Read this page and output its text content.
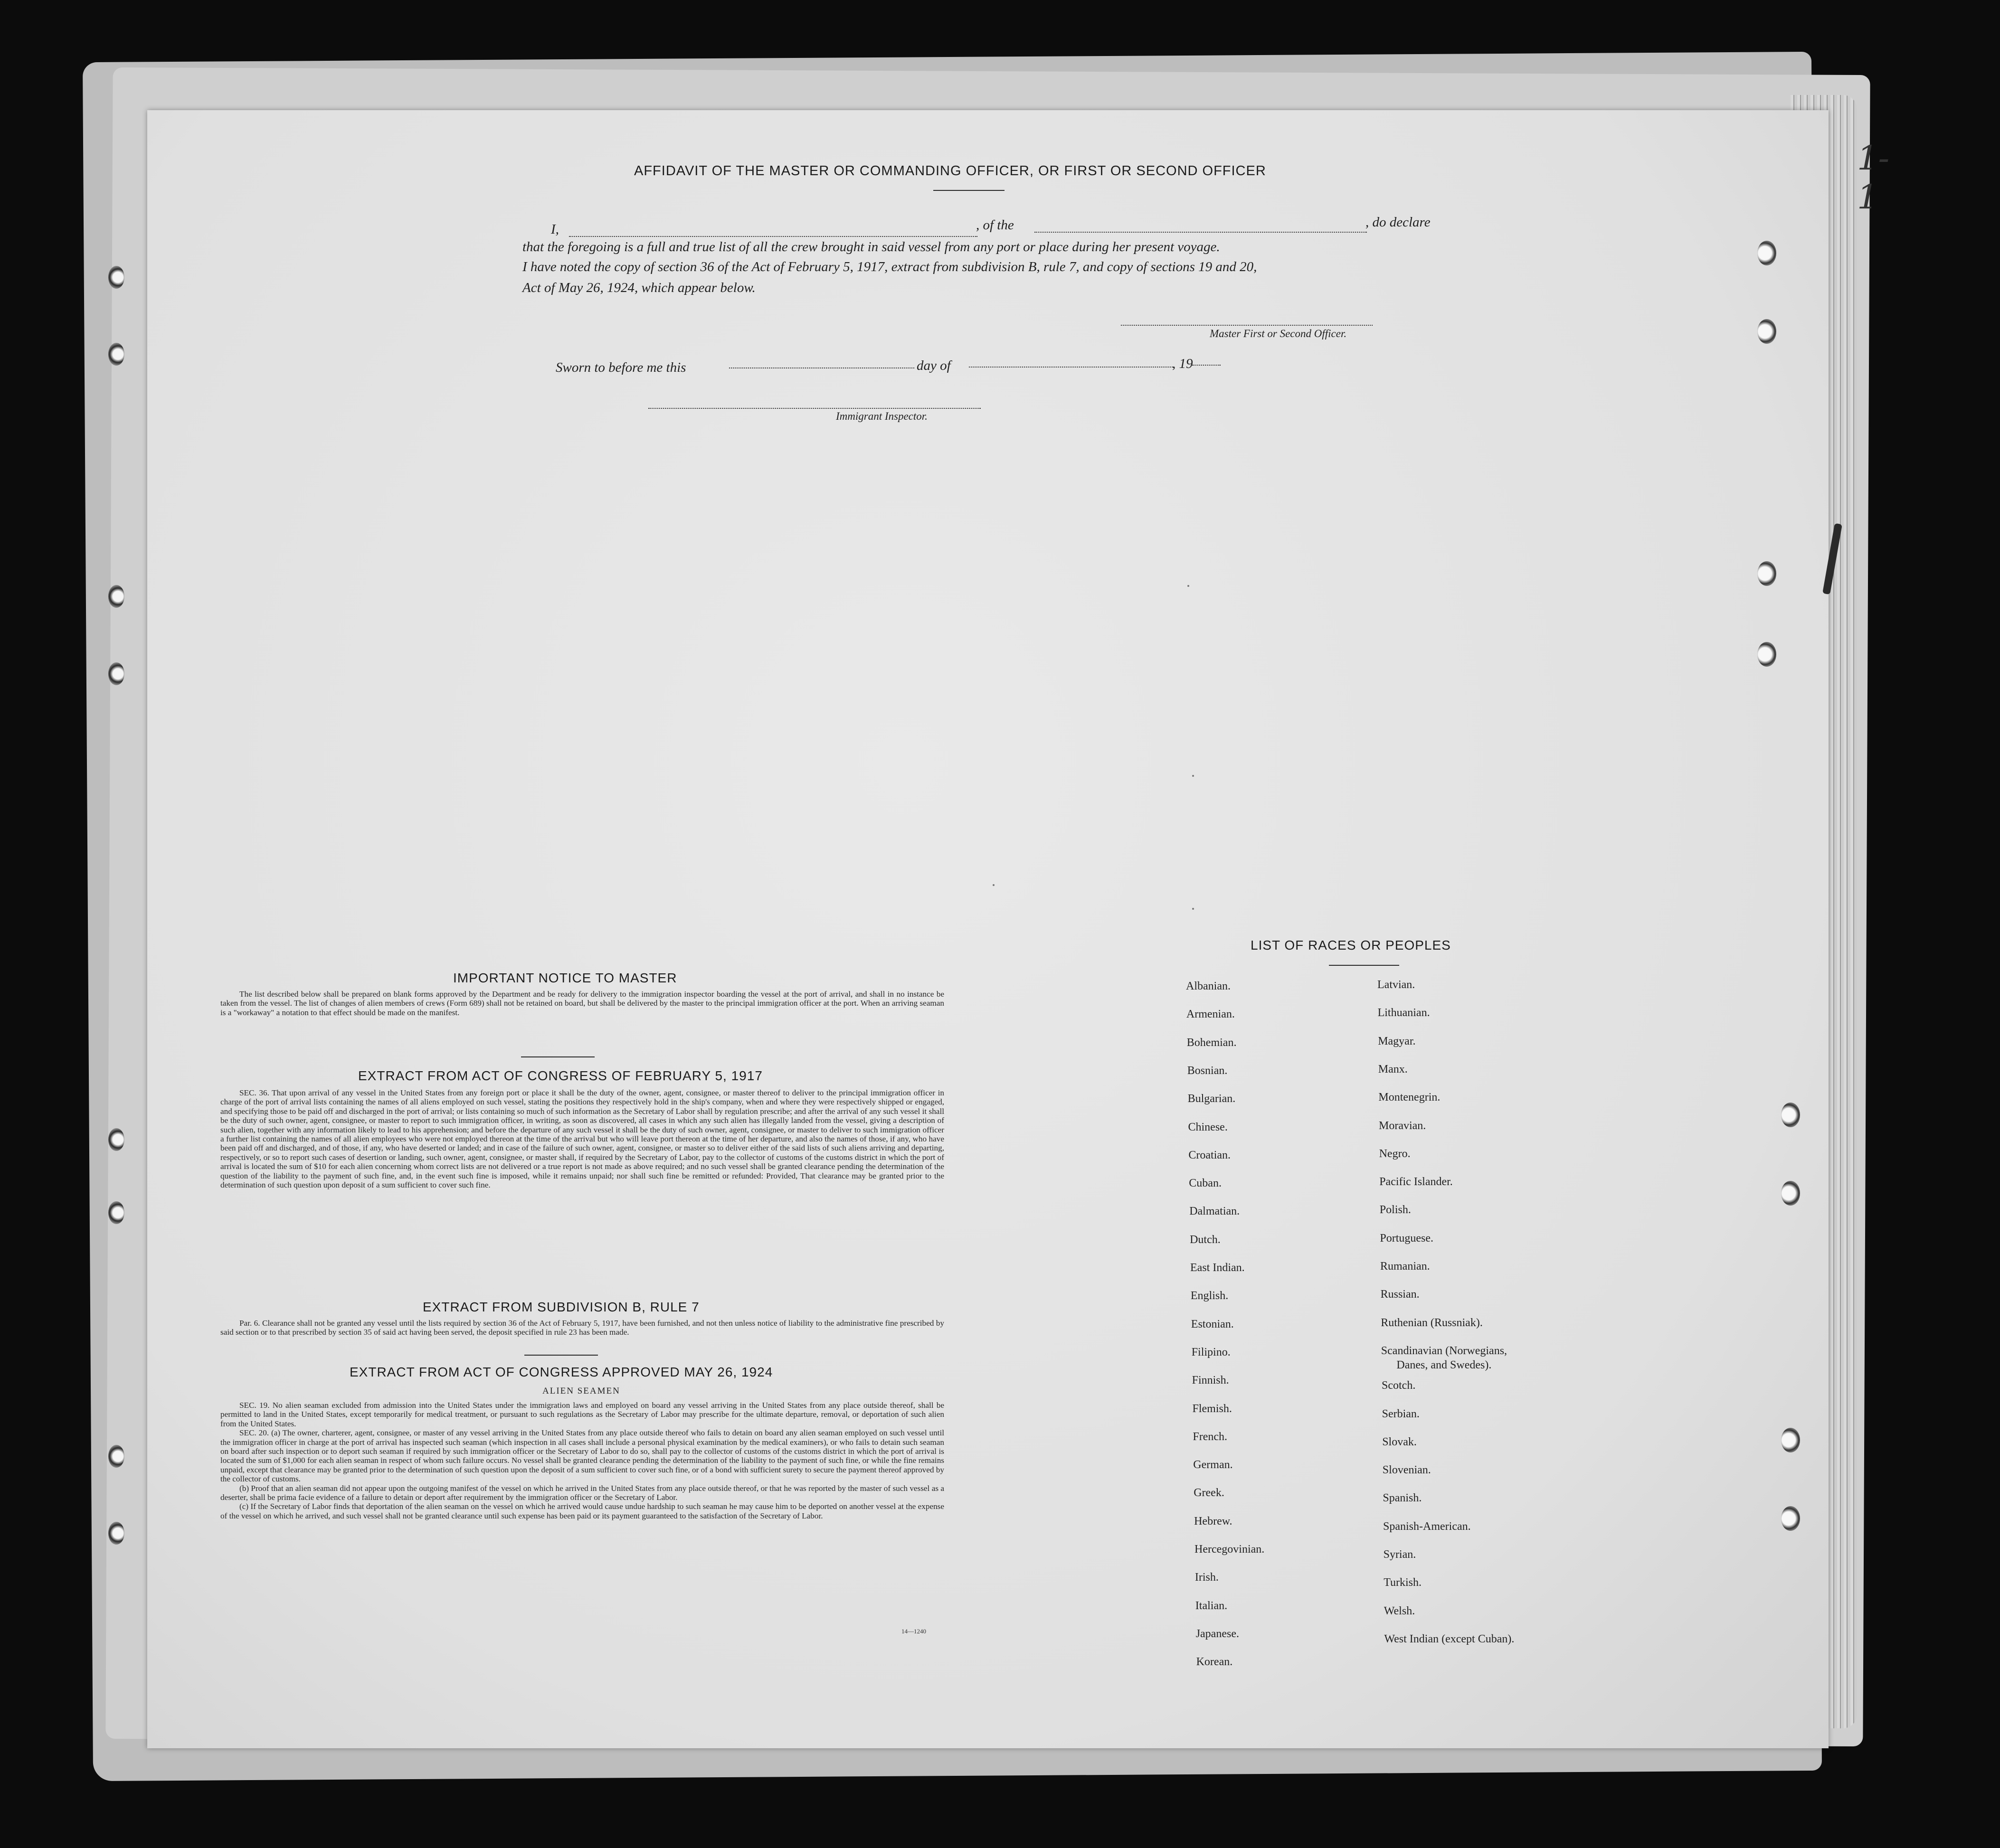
AFFIDAVIT OF THE MASTER OR COMMANDING OFFICER, OR FIRST OR SECOND OFFICER
I,	, of the	, do declare
that the foregoing is a full and true list of all the crew brought in said vessel from any port or place during her present voyage.
I have noted the copy of section 36 of the Act of February 5, 1917, extract from subdivision B, rule 7, and copy of sections 19 and 20,
Act of May 26, 1924, which appear below.
Master First or Second Officer.
Sworn to before me this	day of	, 19
Immigrant Inspector.
IMPORTANT NOTICE TO MASTER

The list described below shall be prepared on blank forms approved by the Department and be ready for delivery to the immigration inspector boarding the vessel at the port of arrival, and shall in no instance be taken from the vessel. The list of changes of alien members of crews (Form 689) shall not be retained on board, but shall be delivered by the master to the principal immigration officer at the port. When an arriving seaman is a "workaway" a notation to that effect should be made on the manifest.

EXTRACT FROM ACT OF CONGRESS OF FEBRUARY 5, 1917

SEC. 36. That upon arrival of any vessel in the United States from any foreign port or place it shall be the duty of the owner, agent, consignee, or master thereof to deliver to the principal immigration officer in charge of the port of arrival lists containing the names of all aliens employed on such vessel, stating the positions they respectively hold in the ship's company, when and where they were respectively shipped or engaged, and specifying those to be paid off and discharged in the port of arrival; or lists containing so much of such information as the Secretary of Labor shall by regulation prescribe; and after the arrival of any such vessel it shall be the duty of such owner, agent, consignee, or master to report to such immigration officer, in writing, as soon as discovered, all cases in which any such alien has illegally landed from the vessel, giving a description of such alien, together with any information likely to lead to his apprehension; and before the departure of any such vessel it shall be the duty of such owner, agent, consignee, or master to deliver to such immigration officer a further list containing the names of all alien employees who were not employed thereon at the time of the arrival but who will leave port thereon at the time of her departure, and also the names of those, if any, who have been paid off and discharged, and of those, if any, who have deserted or landed; and in case of the failure of such owner, agent, consignee, or master so to deliver either of the said lists of such aliens arriving and departing, respectively, or so to report such cases of desertion or landing, such owner, agent, consignee, or master shall, if required by the Secretary of Labor, pay to the collector of customs of the customs district in which the port of arrival is located the sum of $10 for each alien concerning whom correct lists are not delivered or a true report is not made as above required; and no such vessel shall be granted clearance pending the determination of the question of the liability to the payment of such fine, and, in the event such fine is imposed, while it remains unpaid; nor shall such fine be remitted or refunded: Provided, That clearance may be granted prior to the determination of such question upon deposit of a sum sufficient to cover such fine.

EXTRACT FROM SUBDIVISION B, RULE 7

Par. 6. Clearance shall not be granted any vessel until the lists required by section 36 of the Act of February 5, 1917, have been furnished, and not then unless notice of liability to the administrative fine prescribed by said section or to that prescribed by section 35 of said act having been served, the deposit specified in rule 23 has been made.

EXTRACT FROM ACT OF CONGRESS APPROVED MAY 26, 1924
ALIEN SEAMEN

SEC. 19. No alien seaman excluded from admission into the United States under the immigration laws and employed on board any vessel arriving in the United States from any place outside thereof, shall be permitted to land in the United States, except temporarily for medical treatment, or pursuant to such regulations as the Secretary of Labor may prescribe for the ultimate departure, removal, or deportation of such alien from the United States.

SEC. 20. (a) The owner, charterer, agent, consignee, or master of any vessel arriving in the United States from any place outside thereof who fails to detain on board any alien seaman employed on such vessel until the immigration officer in charge at the port of arrival has inspected such seaman (which inspection in all cases shall include a personal physical examination by the medical examiners), or who fails to detain such seaman on board after such inspection or to deport such seaman if required by such immigration officer or the Secretary of Labor to do so, shall pay to the collector of customs of the customs district in which the port of arrival is located the sum of $1,000 for each alien seaman in respect of whom such failure occurs. No vessel shall be granted clearance pending the determination of the liability to the payment of such fine, or while the fine remains unpaid, except that clearance may be granted prior to the determination of such question upon the deposit of a sum sufficient to cover such fine, or of a bond with sufficient surety to secure the payment thereof approved by the collector of customs.

(b) Proof that an alien seaman did not appear upon the outgoing manifest of the vessel on which he arrived in the United States from any place outside thereof, or that he was reported by the master of such vessel as a deserter, shall be prima facie evidence of a failure to detain or deport after requirement by the immigration officer or the Secretary of Labor.

(c) If the Secretary of Labor finds that deportation of the alien seaman on the vessel on which he arrived would cause undue hardship to such seaman he may cause him to be deported on another vessel at the expense of the vessel on which he arrived, and such vessel shall not be granted clearance until such expense has been paid or its payment guaranteed to the satisfaction of the Secretary of Labor.

14—1240
LIST OF RACES OR PEOPLES
Albanian.
Armenian.
Bohemian.
Bosnian.
Bulgarian.
Chinese.
Croatian.
Cuban.
Dalmatian.
Dutch.
East Indian.
English.
Estonian.
Filipino.
Finnish.
Flemish.
French.
German.
Greek.
Hebrew.
Hercegovinian.
Irish.
Italian.
Japanese.
Korean.
Latvian.
Lithuanian.
Magyar.
Manx.
Montenegrin.
Moravian.
Negro.
Pacific Islander.
Polish.
Portuguese.
Rumanian.
Russian.
Ruthenian (Russniak).
Scandinavian (Norwegians,
Danes, and Swedes).
Scotch.
Serbian.
Slovak.
Slovenian.
Spanish.
Spanish-American.
Syrian.
Turkish.
Welsh.
West Indian (except Cuban).
1-1
